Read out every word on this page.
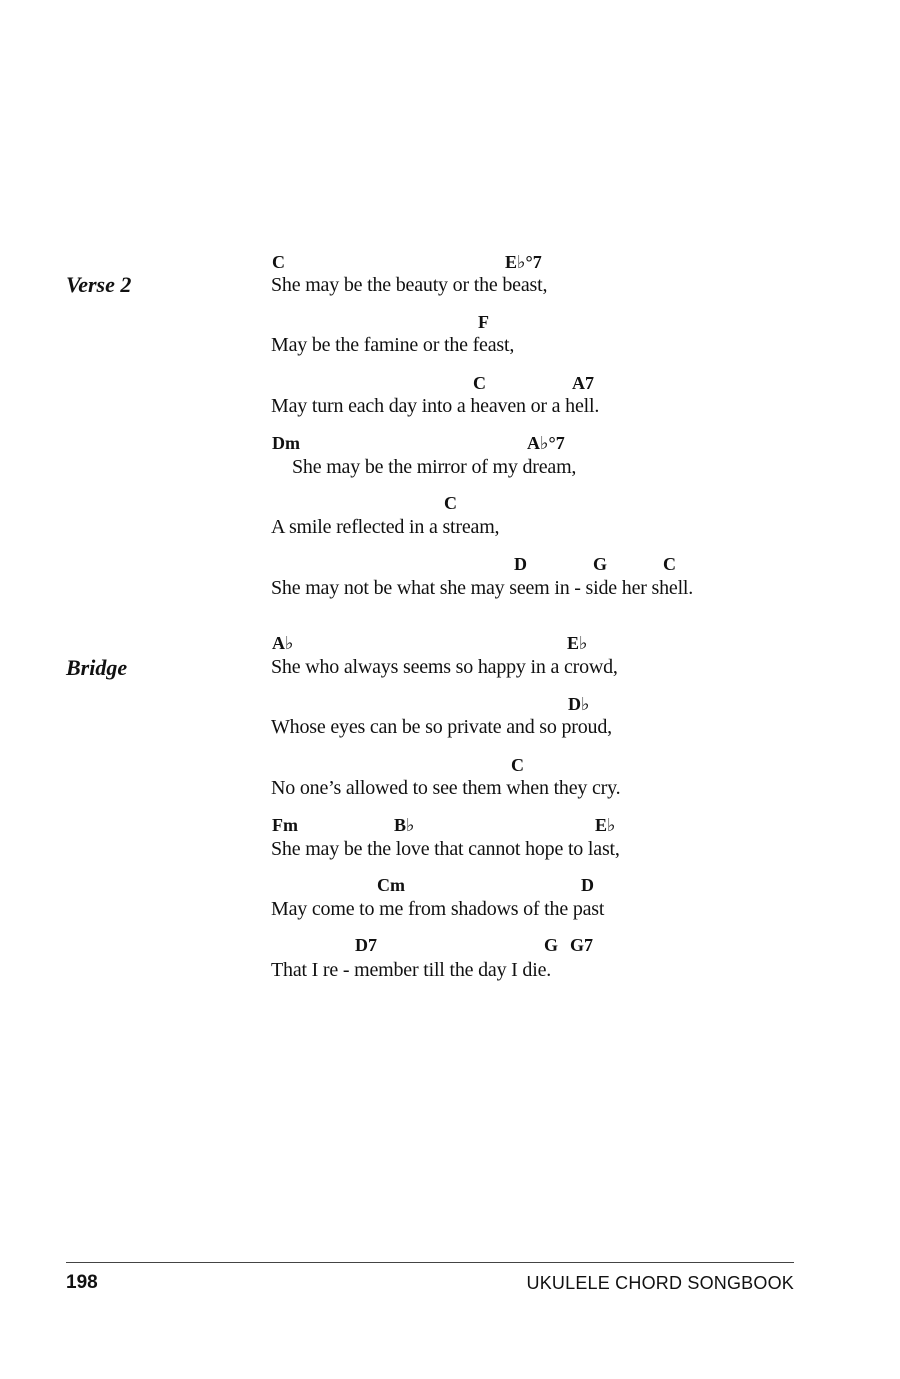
Verse 2
Bridge
C	E♭°7
She may be the beauty or the beast,
F
May be the famine or the feast,
C	A7
May turn each day into a heaven or a hell.
Dm	A♭°7
She may be the mirror of my dream,
C
A smile reflected in a stream,
D	G	C
She may not be what she may seem in - side her shell.
A♭	E♭
She who always seems so happy in a crowd,
D♭
Whose eyes can be so private and so proud,
C
No one’s allowed to see them when they cry.
Fm	B♭	E♭
She may be the love that cannot hope to last,
Cm	D
May come to me from shadows of the past
D7	G G7
That I re - member till the day I die.
198	UKULELE CHORD SONGBOOK
